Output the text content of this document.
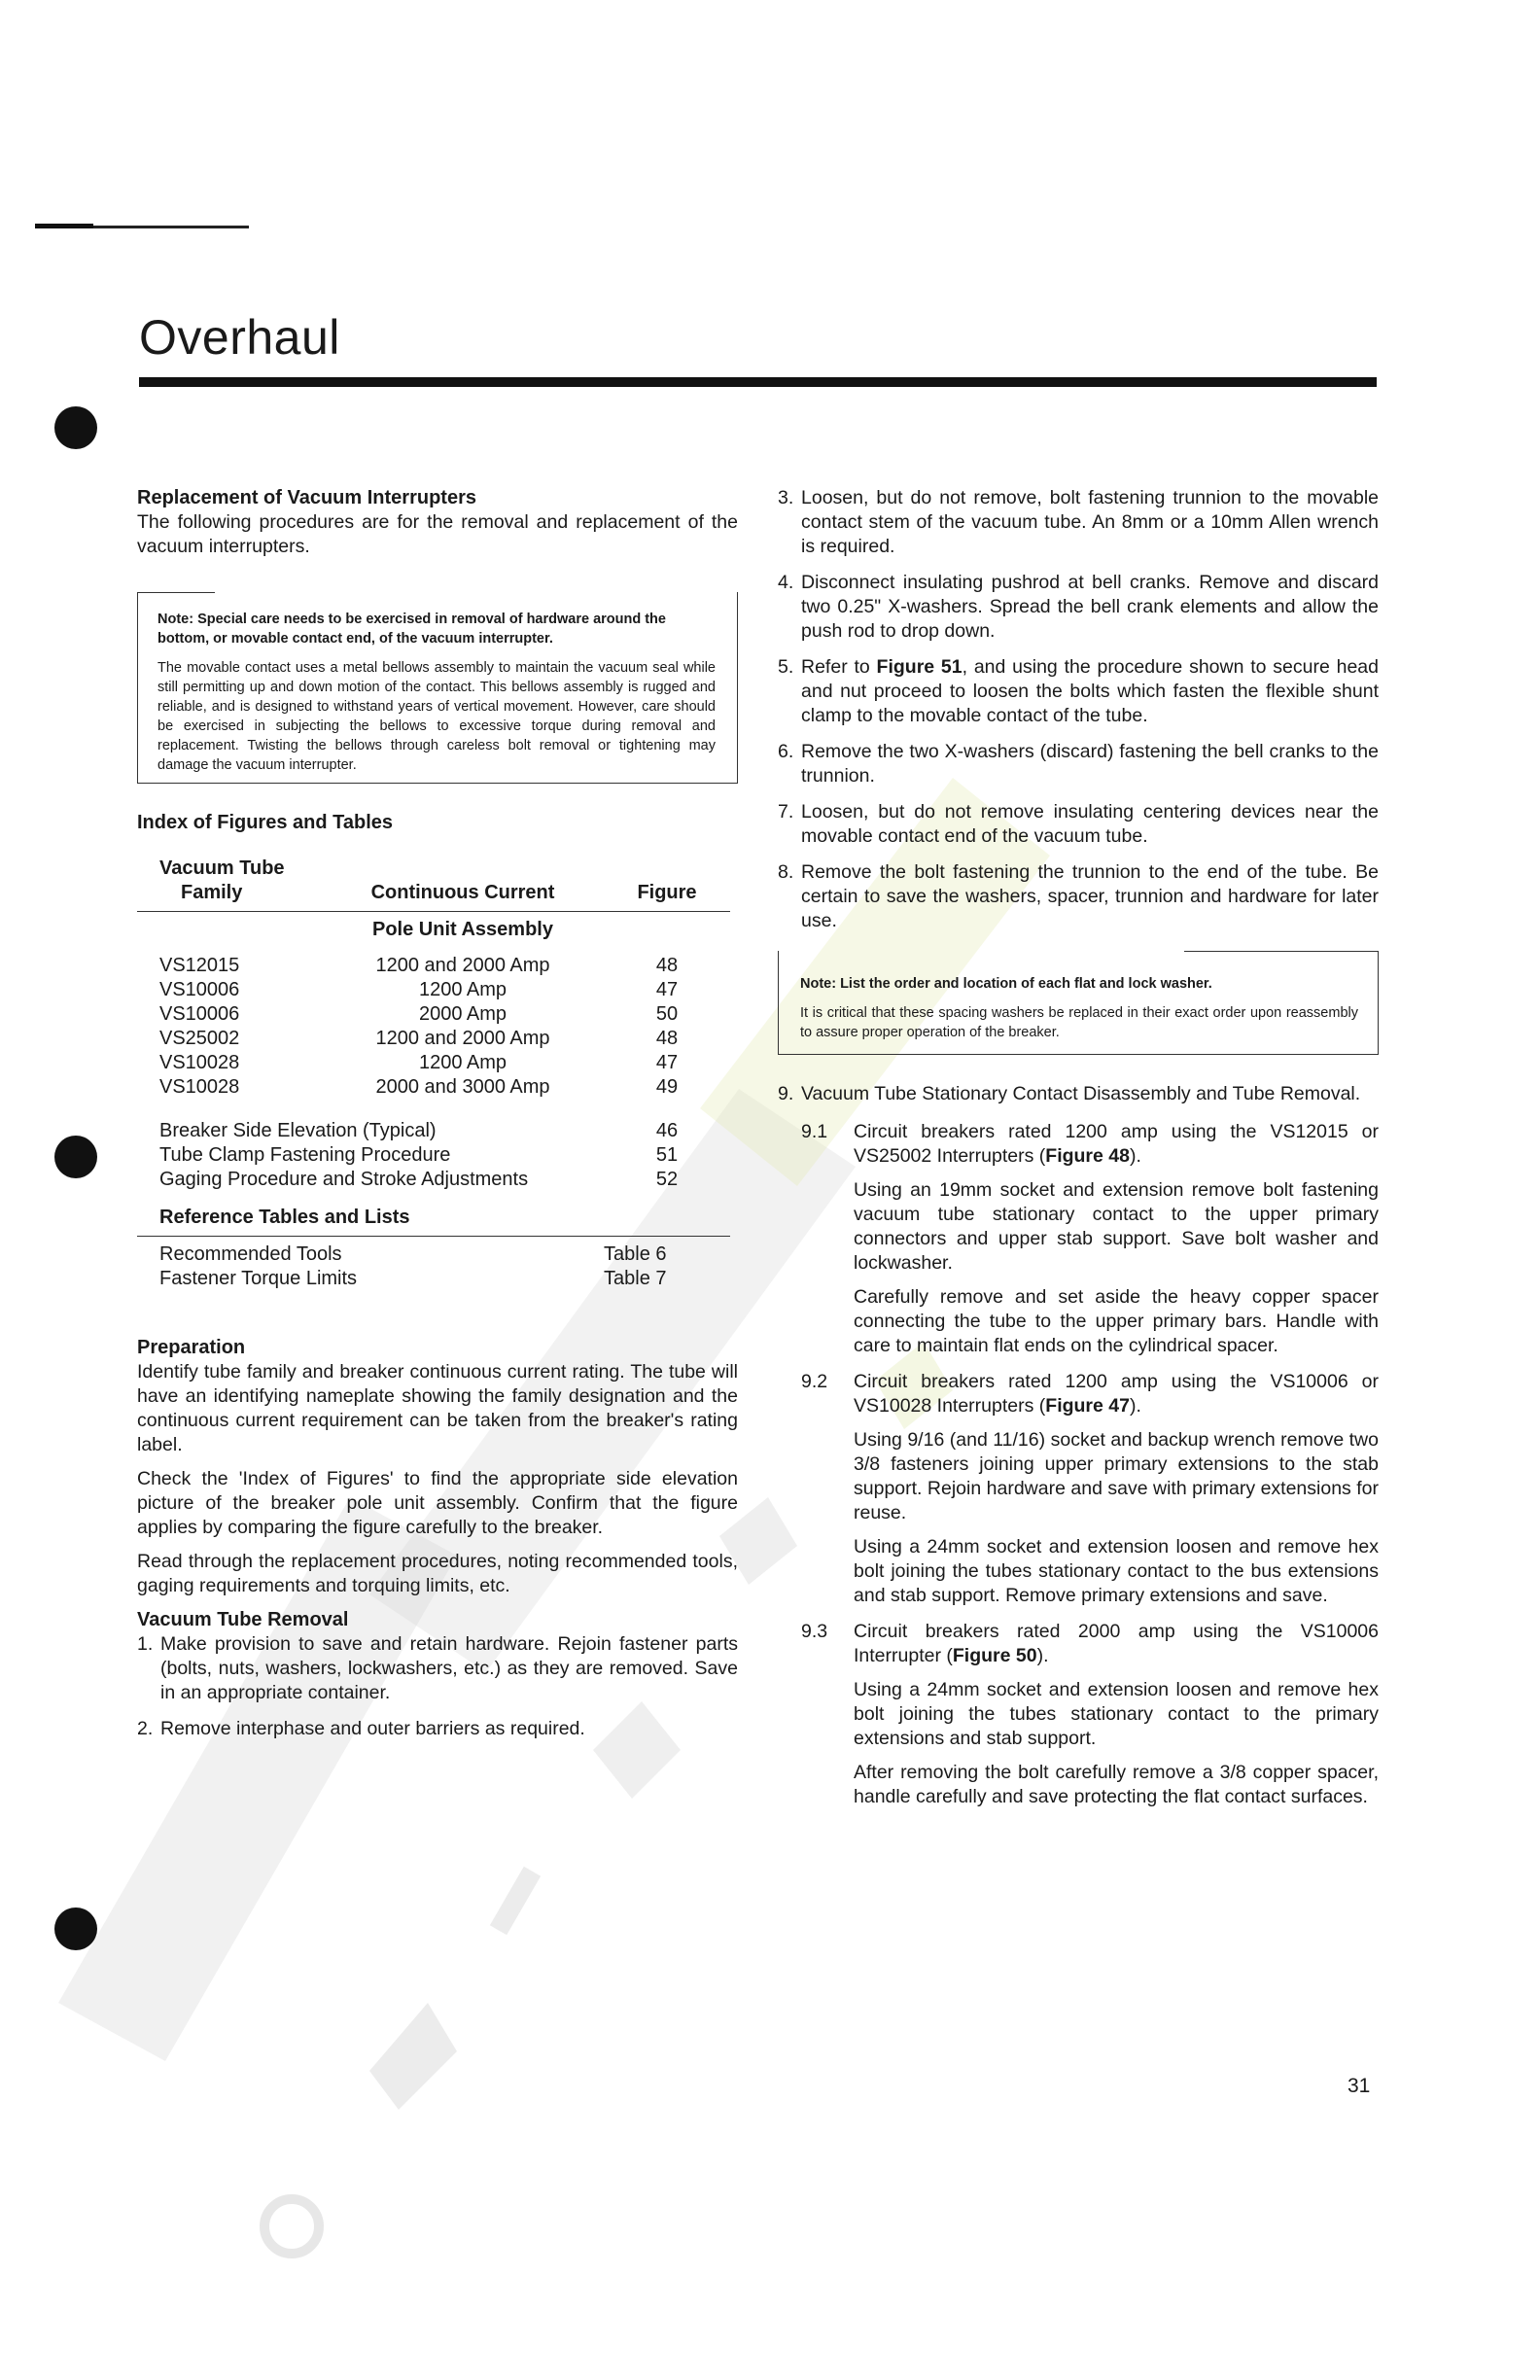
Overhaul
Replacement of Vacuum Interrupters

The following procedures are for the removal and replacement of the vacuum interrupters.

Note: Special care needs to be exercised in removal of hardware around the bottom, or movable contact end, of the vacuum interrupter.

The movable contact uses a metal bellows assembly to maintain the vacuum seal while still permitting up and down motion of the contact. This bellows assembly is rugged and reliable, and is designed to withstand years of vertical movement. However, care should be exercised in subjecting the bellows to excessive torque during removal and replacement. Twisting the bellows through careless bolt removal or tightening may damage the vacuum interrupter.

Index of Figures and Tables
Vacuum Tube		
Family	Continuous Current	Figure
	Pole Unit Assembly	
VS12015	1200 and 2000 Amp	48
VS10006	1200 Amp	47
VS10006	2000 Amp	50
VS25002	1200 and 2000 Amp	48
VS10028	1200 Amp	47
VS10028	2000 and 3000 Amp	49

Breaker Side Elevation (Typical)		46
Tube Clamp Fastening Procedure		51
Gaging Procedure and Stroke Adjustments		52
Reference Tables and Lists		
Recommended Tools		Table 6
Fastener Torque Limits		Table 7
Preparation

Identify tube family and breaker continuous current rating. The tube will have an identifying nameplate showing the family designation and the continuous current requirement can be taken from the breaker's rating label.

Check the 'Index of Figures' to find the appropriate side elevation picture of the breaker pole unit assembly. Confirm that the figure applies by comparing the figure carefully to the breaker.

Read through the replacement procedures, noting recommended tools, gaging requirements and torquing limits, etc.

Vacuum Tube Removal
1. Make provision to save and retain hardware. Rejoin fastener parts (bolts, nuts, washers, lockwashers, etc.) as they are removed. Save in an appropriate container.
2. Remove interphase and outer barriers as required.
3. Loosen, but do not remove, bolt fastening trunnion to the movable contact stem of the vacuum tube. An 8mm or a 10mm Allen wrench is required.
4. Disconnect insulating pushrod at bell cranks. Remove and discard two 0.25" X-washers. Spread the bell crank elements and allow the push rod to drop down.
5. Refer to Figure 51, and using the procedure shown to secure head and nut proceed to loosen the bolts which fasten the flexible shunt clamp to the movable contact of the tube.
6. Remove the two X-washers (discard) fastening the bell cranks to the trunnion.
7. Loosen, but do not remove insulating centering devices near the movable contact end of the vacuum tube.
8. Remove the bolt fastening the trunnion to the end of the tube. Be certain to save the washers, spacer, trunnion and hardware for later use.
Note: List the order and location of each flat and lock washer.

It is critical that these spacing washers be replaced in their exact order upon reassembly to assure proper operation of the breaker.

9. Vacuum Tube Stationary Contact Disassembly and Tube Removal.
9.1 Circuit breakers rated 1200 amp using the VS12015 or VS25002 Interrupters (Figure 48).

Using an 19mm socket and extension remove bolt fastening vacuum tube stationary contact to the upper primary connectors and upper stab support. Save bolt washer and lockwasher.

Carefully remove and set aside the heavy copper spacer connecting the tube to the upper primary bars. Handle with care to maintain flat ends on the cylindrical spacer.

9.2 Circuit breakers rated 1200 amp using the VS10006 or VS10028 Interrupters (Figure 47).

Using 9/16 (and 11/16) socket and backup wrench remove two 3/8 fasteners joining upper primary extensions to the stab support. Rejoin hardware and save with primary extensions for reuse.

Using a 24mm socket and extension loosen and remove hex bolt joining the tubes stationary contact to the bus extensions and stab support. Remove primary extensions and save.

9.3 Circuit breakers rated 2000 amp using the VS10006 Interrupter (Figure 50).

Using a 24mm socket and extension loosen and remove hex bolt joining the tubes stationary contact to the primary extensions and stab support.

After removing the bolt carefully remove a 3/8 copper spacer, handle carefully and save protecting the flat contact surfaces.

31
